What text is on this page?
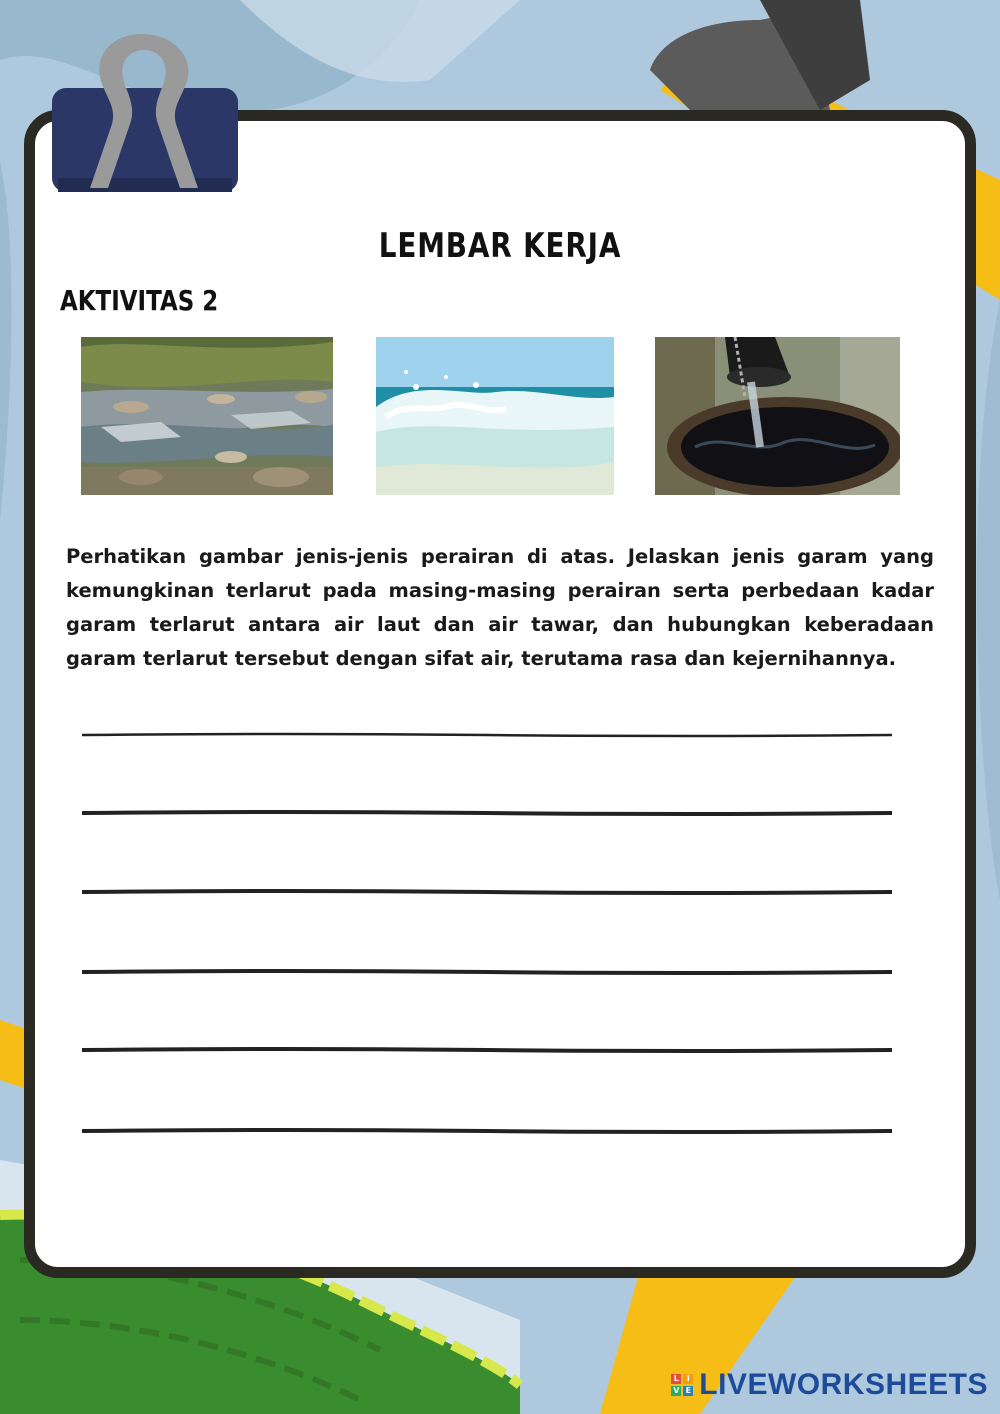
LEMBAR KERJA
AKTIVITAS 2

Perhatikan gambar jenis-jenis perairan di atas. Jelaskan jenis garam yang kemungkinan terlarut pada masing-masing perairan serta perbedaan kadar garam terlarut antara air laut dan air tawar, dan hubungkan keberadaan garam terlarut tersebut dengan sifat air, terutama rasa dan kejernihannya.

L I
V E LIVEWORKSHEETS
